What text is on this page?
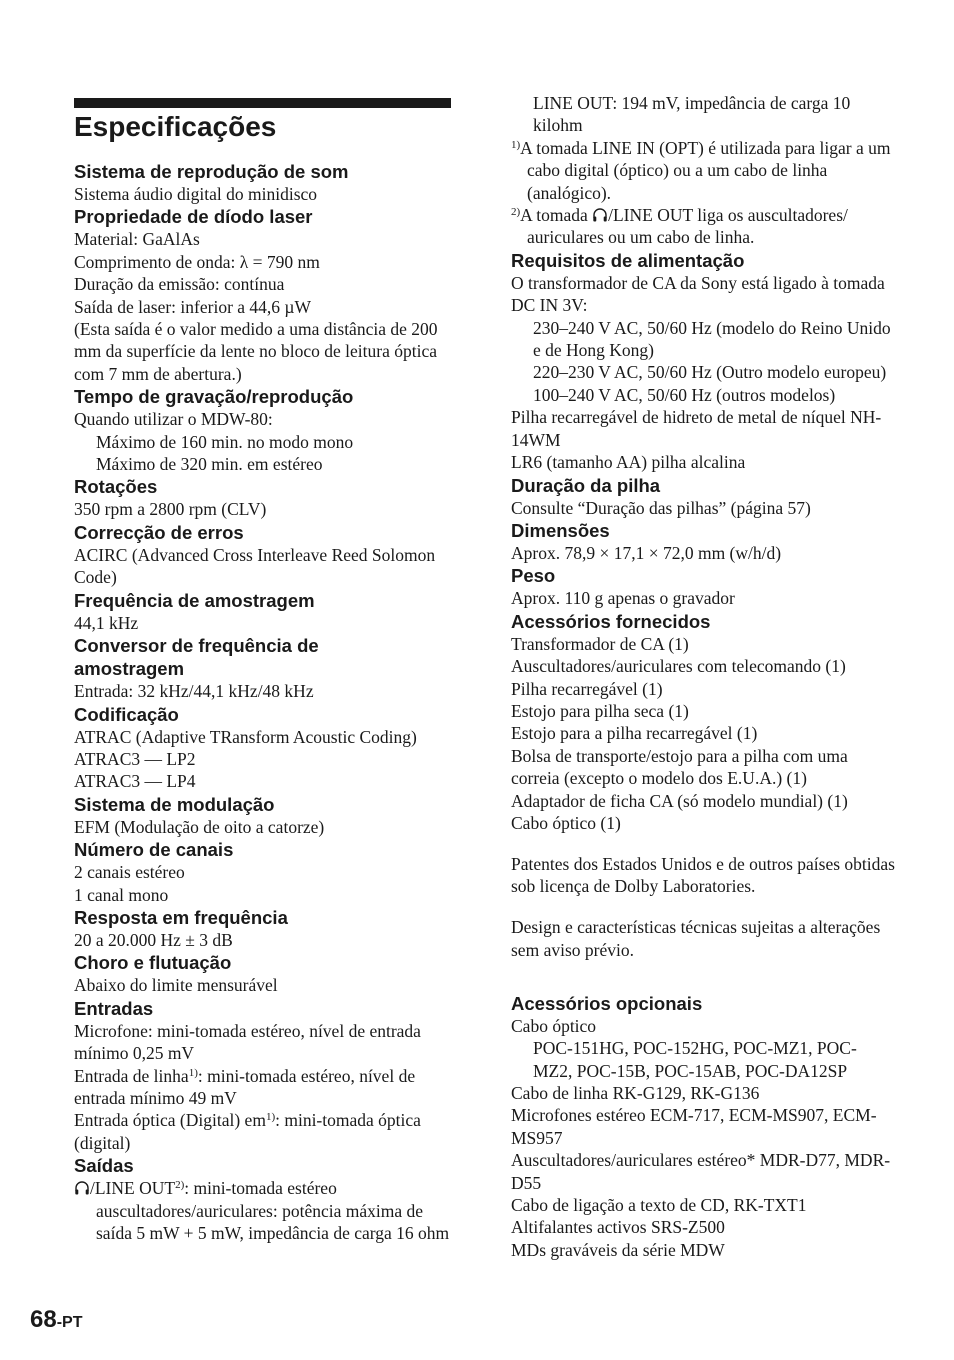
Especificações

Sistema de reprodução de som

Sistema áudio digital do minidisco

Propriedade de díodo laser

Material: GaAlAs

Comprimento de onda: λ = 790 nm

Duração da emissão: contínua

Saída de laser: inferior a 44,6 µW

(Esta saída é o valor medido a uma distância de 200 mm da superfície da lente no bloco de leitura óptica com 7 mm de abertura.)

Tempo de gravação/reprodução

Quando utilizar o MDW-80:

Máximo de 160 min. no modo mono

Máximo de 320 min. em estéreo

Rotações

350 rpm a 2800 rpm (CLV)

Correcção de erros

ACIRC (Advanced Cross Interleave Reed Solomon Code)

Frequência de amostragem

44,1 kHz

Conversor de frequência de

amostragem

Entrada: 32 kHz/44,1 kHz/48 kHz

Codificação

ATRAC (Adaptive TRansform Acoustic Coding)

ATRAC3 — LP2

ATRAC3 — LP4

Sistema de modulação

EFM (Modulação de oito a catorze)

Número de canais

2 canais estéreo

1 canal mono

Resposta em frequência

20 a 20.000 Hz ± 3 dB

Choro e flutuação

Abaixo do limite mensurável

Entradas

Microfone: mini-tomada estéreo, nível de entrada mínimo 0,25 mV

Entrada de linha$^{1)}$: mini-tomada estéreo, nível de entrada mínimo 49 mV

Entrada óptica (Digital) $em^{1)}$: mini-tomada óptica (digital)

Saídas

/LINE OUT$^{2)}$: mini-tomada estéreo auscultadores/auriculares: potência máxima de saída 5 mW + 5 mW, impedância de carga 16 ohm

LINE OUT: 194 mV, impedância de carga 10 kilohm

$^{1)}$A tomada LINE IN (OPT) é utilizada para ligar a um cabo digital (óptico) ou a um cabo de linha (analógico).

$^{2)}$A tomada /LINE OUT liga os auscultadores/ auriculares ou um cabo de linha.

Requisitos de alimentação

O transformador de CA da Sony está ligado à tomada DC IN 3V:

230–240 V AC, 50/60 Hz (modelo do Reino Unido e de Hong Kong)

220–230 V AC, 50/60 Hz (Outro modelo europeu)

100–240 V AC, 50/60 Hz (outros modelos)

Pilha recarregável de hidreto de metal de níquel NH-14WM

LR6 (tamanho AA) pilha alcalina

Duração da pilha

Consulte “Duração das pilhas” (página 57)

Dimensões

Aprox. 78,9 × 17,1 × 72,0 mm (w/h/d)

Peso

Aprox. 110 g apenas o gravador

Acessórios fornecidos

Transformador de CA (1)

Auscultadores/auriculares com telecomando (1)

Pilha recarregável (1)

Estojo para pilha seca (1)

Estojo para a pilha recarregável (1)

Bolsa de transporte/estojo para a pilha com uma correia (excepto o modelo dos E.U.A.) (1)

Adaptador de ficha CA (só modelo mundial) (1)

Cabo óptico (1)

Patentes dos Estados Unidos e de outros países obtidas sob licença de Dolby Laboratories.

Design e características técnicas sujeitas a alterações sem aviso prévio.

Acessórios opcionais

Cabo óptico

POC-151HG, POC-152HG, POC-MZ1, POC-MZ2, POC-15B, POC-15AB, POC-DA12SP

Cabo de linha RK-G129, RK-G136

Microfones estéreo ECM-717, ECM-MS907, ECM-MS957

Auscultadores/auriculares estéreo* MDR-D77, MDR-D55

Cabo de ligação a texto de CD, RK-TXT1

Altifalantes activos SRS-Z500

MDs graváveis da série MDW

68-PT
